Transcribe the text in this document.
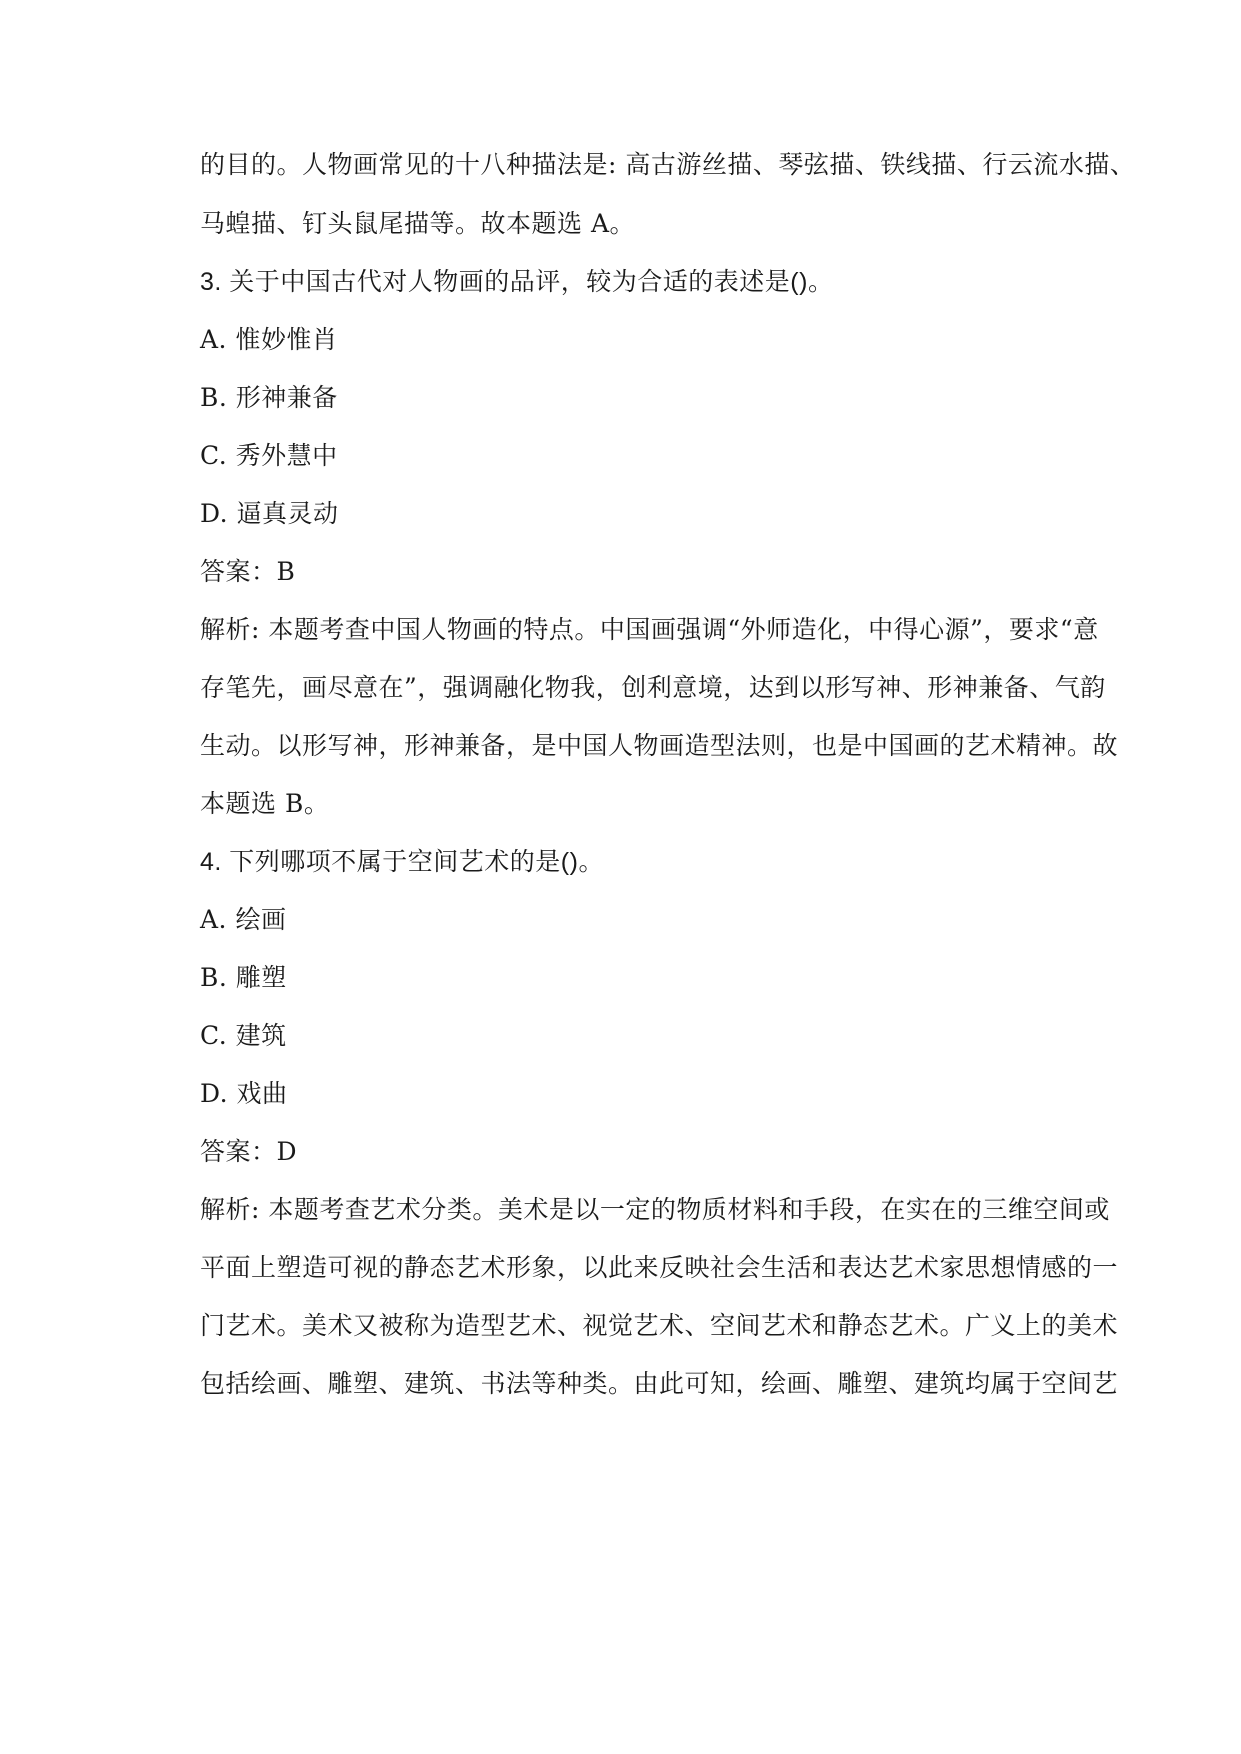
的目的。人物画常见的十八种描法是: 高古游丝描、琴弦描、铁线描、行云流水描、
马蝗描、钉头鼠尾描等。故本题选 A。
3. 关于中国古代对人物画的品评，较为合适的表述是()。
A. 惟妙惟肖
B. 形神兼备
C. 秀外慧中
D. 逼真灵动
答案：B
解析: 本题考查中国人物画的特点。中国画强调“外师造化，中得心源”，要求“意
存笔先，画尽意在”，强调融化物我，创利意境，达到以形写神、形神兼备、气韵
生动。以形写神，形神兼备，是中国人物画造型法则，也是中国画的艺术精神。故
本题选 B。
4. 下列哪项不属于空间艺术的是()。
A. 绘画
B. 雕塑
C. 建筑
D. 戏曲
答案：D
解析: 本题考查艺术分类。美术是以一定的物质材料和手段，在实在的三维空间或
平面上塑造可视的静态艺术形象，以此来反映社会生活和表达艺术家思想情感的一
门艺术。美术又被称为造型艺术、视觉艺术、空间艺术和静态艺术。广义上的美术
包括绘画、雕塑、建筑、书法等种类。由此可知，绘画、雕塑、建筑均属于空间艺
